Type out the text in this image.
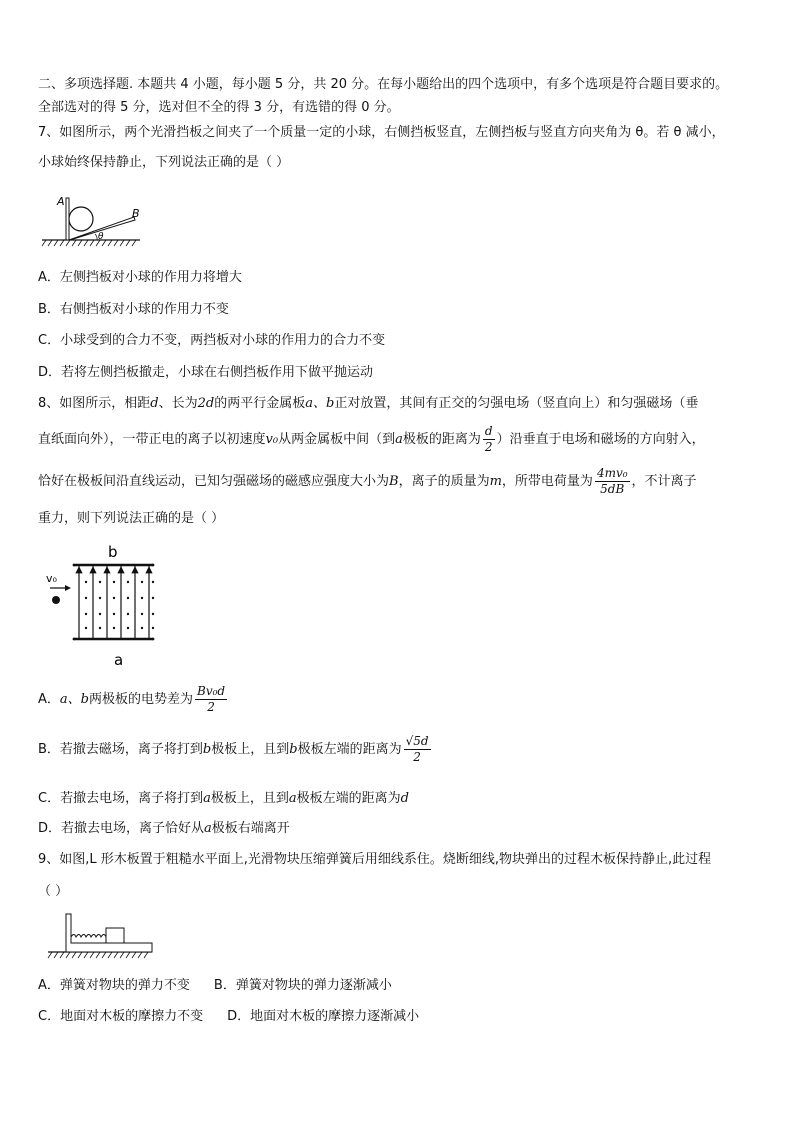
二、多项选择题. 本题共 4 小题，每小题 5 分，共 20 分。在每小题给出的四个选项中，有多个选项是符合题目要求的。
全部选对的得 5 分，选对但不全的得 3 分，有选错的得 0 分。
7、如图所示，两个光滑挡板之间夹了一个质量一定的小球，右侧挡板竖直，左侧挡板与竖直方向夹角为 θ。若 θ 减小，
小球始终保持静止，下列说法正确的是（ ）
A
B
θ
A．左侧挡板对小球的作用力将增大
B．右侧挡板对小球的作用力不变
C．小球受到的合力不变，两挡板对小球的作用力的合力不变
D．若将左侧挡板撤走，小球在右侧挡板作用下做平抛运动
8、如图所示，相距d、长为2d的两平行金属板a、b正对放置，其间有正交的匀强电场（竖直向上）和匀强磁场（垂
直纸面向外），一带正电的离子以初速度v₀从两金属板中间（到a极板的距离为 $\frac{d}{2}$ ）沿垂直于电场和磁场的方向射入，
恰好在极板间沿直线运动，已知匀强磁场的磁感应强度大小为B，离子的质量为m，所带电荷量为 $\frac{\text{4mv₀}}{5dB}$ ，不计离子
重力，则下列说法正确的是（ ）
b
v₀
a
A．a、b两极板的电势差为 $\frac{\text{Bv₀d}}{2}$
B．若撤去磁场，离子将打到b极板上，且到b极板左端的距离为 $\frac{√5d}{2}$
C．若撤去电场，离子将打到a极板上，且到a极板左端的距离为d
D．若撤去电场，离子恰好从a极板右端离开
9、如图,L 形木板置于粗糙水平面上,光滑物块压缩弹簧后用细线系住。烧断细线,物块弹出的过程木板保持静止,此过程
（ ）
A．弹簧对物块的弹力不变 B．弹簧对物块的弹力逐渐减小
C．地面对木板的摩擦力不变 D．地面对木板的摩擦力逐渐减小
